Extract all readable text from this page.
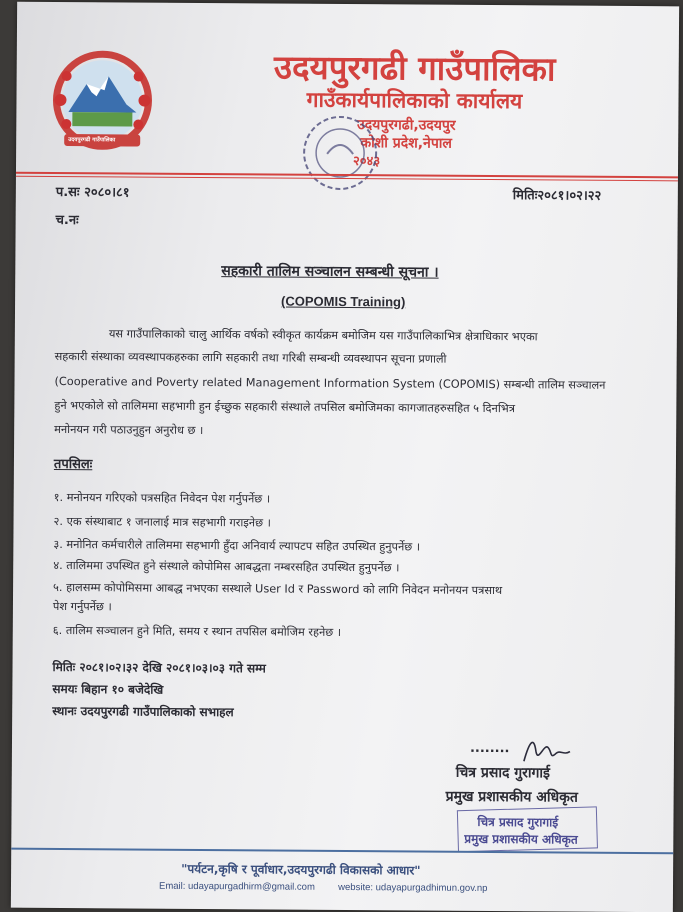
उदयपुरगढी गाउँपालिका
उदयपुरगढी गाउँपालिका
गाउँकार्यपालिकाको कार्यालय
उदयपुरगढी,उदयपुर
कोशी प्रदेश,नेपाल
२०४३
प.सः २०८०।८१	मितिः२०८१।०२।२२
च.नः
सहकारी तालिम सञ्चालन सम्बन्धी सूचना ।
(COPOMIS Training)
यस गाउँपालिकाको चालु आर्थिक वर्षको स्वीकृत कार्यक्रम बमोजिम यस गाउँपालिकाभित्र क्षेत्राधिकार भएका
सहकारी संस्थाका व्यवस्थापकहरुका लागि सहकारी तथा गरिबी सम्बन्धी व्यवस्थापन सूचना प्रणाली
(Cooperative and Poverty related Management Information System (COPOMIS) सम्बन्धी तालिम सञ्चालन
हुने भएकोले सो तालिममा सहभागी हुन ईच्छुक सहकारी संस्थाले तपसिल बमोजिमका कागजातहरुसहित ५ दिनभित्र
मनोनयन गरी पठाउनुहुन अनुरोध छ ।
तपसिलः
१. मनोनयन गरिएको पत्रसहित निवेदन पेश गर्नुपर्नेछ ।
२. एक संस्थाबाट १ जनालाई मात्र सहभागी गराइनेछ ।
३. मनोनित कर्मचारीले तालिममा सहभागी हुँदा अनिवार्य ल्यापटप सहित उपस्थित हुनुपर्नेछ ।
४. तालिममा उपस्थित हुने संस्थाले कोपोमिस आबद्धता नम्बरसहित उपस्थित हुनुपर्नेछ ।
५. हालसम्म कोपोमिसमा आबद्ध नभएका सस्थाले User Id र Password को लागि निवेदन मनोनयन पत्रसाथ
पेश गर्नुपर्नेछ ।
६. तालिम सञ्चालन हुने मिति, समय र स्थान तपसिल बमोजिम रहनेछ ।
मितिः २०८१।०२।३२ देखि २०८१।०३।०३ गते सम्म
समयः बिहान १० बजेदेखि
स्थानः उदयपुरगढी गाउँपालिकाको सभाहल
........
चित्र प्रसाद गुरागाई
प्रमुख प्रशासकीय अधिकृत
चित्र प्रसाद गुरागाई
प्रमुख प्रशासकीय अधिकृत
"पर्यटन,कृषि र पूर्वाधार,उदयपुरगढी विकासको आधार"
Email: udayapurgadhirm@gmail.com website: udayapurgadhimun.gov.np
